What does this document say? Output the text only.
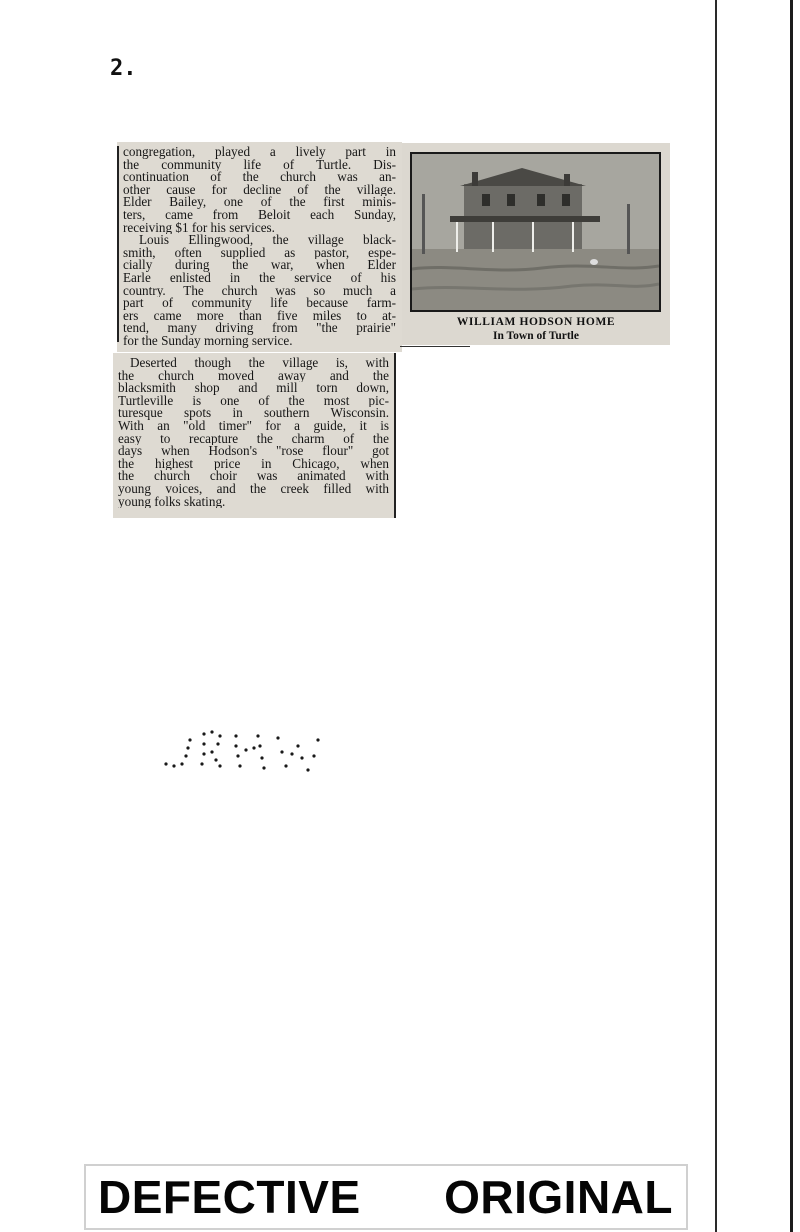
2.
congregation, played a lively part in
the community life of Turtle. Dis-
continuation of the church was an-
other cause for decline of the village.
Elder Bailey, one of the first minis-
ters, came from Beloit each Sunday,
receiving $1 for his services.
Louis Ellingwood, the village black-
smith, often supplied as pastor, espe-
cially during the war, when Elder
Earle enlisted in the service of his
country. The church was so much a
part of community life because farm-
ers came more than five miles to at-
tend, many driving from "the prairie"
for the Sunday morning service.
WILLIAM HODSON HOME
In Town of Turtle
Deserted though the village is, with
the church moved away and the
blacksmith shop and mill torn down,
Turtleville is one of the most pic-
turesque spots in southern Wisconsin.
With an "old timer" for a guide, it is
easy to recapture the charm of the
days when Hodson's "rose flour" got
the highest price in Chicago, when
the church choir was animated with
young voices, and the creek filled with
young folks skating.
DEFECTIVE ORIGINAL
